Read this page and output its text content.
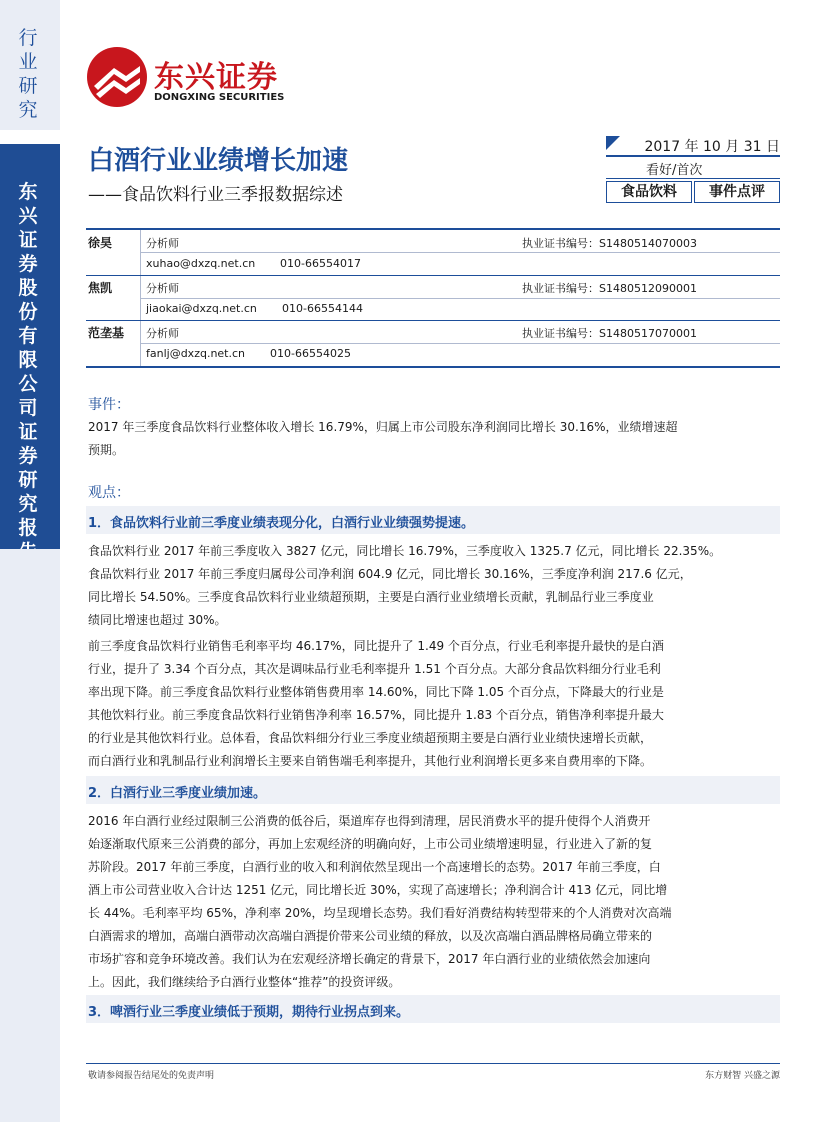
行业研究
东兴证券股份有限公司证券研究报
东兴证券
DONGXING SECURITIES
白酒行业业绩增长加速
——食品饮料行业三季报数据综述
2017 年 10 月 31 日
看好/首次
食品饮料	事件点评
徐昊	分析师	执业证书编号：S1480514070003
xuhao@dxzq.net.cn 010-66554017
焦凯	分析师	执业证书编号：S1480512090001
jiaokai@dxzq.net.cn 010-66554144
范垄基 分析师	执业证书编号：S1480517070001
fanlj@dxzq.net.cn 010-66554025
事件：
2017 年三季度食品饮料行业整体收入增长 16.79%，归属上市公司股东净利润同比增长 30.16%，业绩增速超
预期。
观点：
1．食品饮料行业前三季度业绩表现分化，白酒行业业绩强势提速。
食品饮料行业 2017 年前三季度收入 3827 亿元，同比增长 16.79%，三季度收入 1325.7 亿元，同比增长 22.35%。
食品饮料行业 2017 年前三季度归属母公司净利润 604.9 亿元，同比增长 30.16%，三季度净利润 217.6 亿元，
同比增长 54.50%。三季度食品饮料行业业绩超预期，主要是白酒行业业绩增长贡献，乳制品行业三季度业
绩同比增速也超过 30%。
前三季度食品饮料行业销售毛利率平均 46.17%，同比提升了 1.49 个百分点，行业毛利率提升最快的是白酒
行业，提升了 3.34 个百分点，其次是调味品行业毛利率提升 1.51 个百分点。大部分食品饮料细分行业毛利
率出现下降。前三季度食品饮料行业整体销售费用率 14.60%，同比下降 1.05 个百分点，下降最大的行业是
其他饮料行业。前三季度食品饮料行业销售净利率 16.57%，同比提升 1.83 个百分点，销售净利率提升最大
的行业是其他饮料行业。总体看，食品饮料细分行业三季度业绩超预期主要是白酒行业业绩快速增长贡献，
而白酒行业和乳制品行业利润增长主要来自销售端毛利率提升，其他行业利润增长更多来自费用率的下降。
2．白酒行业三季度业绩加速。
2016 年白酒行业经过限制三公消费的低谷后，渠道库存也得到清理，居民消费水平的提升使得个人消费开
始逐渐取代原来三公消费的部分，再加上宏观经济的明确向好，上市公司业绩增速明显，行业进入了新的复
苏阶段。2017 年前三季度，白酒行业的收入和利润依然呈现出一个高速增长的态势。2017 年前三季度，白
酒上市公司营业收入合计达 1251 亿元，同比增长近 30%，实现了高速增长；净利润合计 413 亿元，同比增
长 44%。毛利率平均 65%，净利率 20%，均呈现增长态势。我们看好消费结构转型带来的个人消费对次高端
白酒需求的增加，高端白酒带动次高端白酒提价带来公司业绩的释放，以及次高端白酒品牌格局确立带来的
市场扩容和竞争环境改善。我们认为在宏观经济增长确定的背景下，2017 年白酒行业的业绩依然会加速向
上。因此，我们继续给予白酒行业整体“推荐”的投资评级。
3．啤酒行业三季度业绩低于预期，期待行业拐点到来。
敬请参阅报告结尾处的免责声明	东方财智 兴盛之源
